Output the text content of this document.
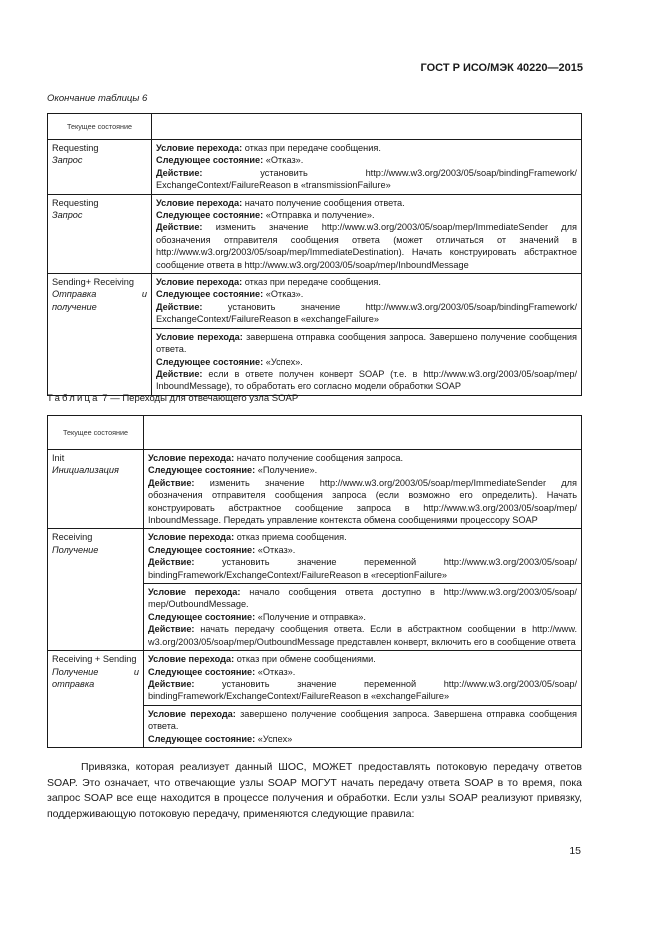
ГОСТ Р ИСО/МЭК 40220—2015
Окончание таблицы 6
Текущее состояние	

Requesting
Запрос	Условие перехода: отказ при передаче сообщения.
Следующее состояние: «Отказ».
Действие: установить http://www.w3.org/2003/05/soap/bindingFramework/ ExchangeContext/FailureReason в «transmissionFailure»

Requesting
Запрос	Условие перехода: начато получение сообщения ответа.
Следующее состояние: «Отправка и получение».
Действие: изменить значение http://www.w3.org/2003/05/soap/mep/ImmediateSender для обозначения отправителя сообщения ответа (может отличаться от значений в http://www.w3.org/2003/05/soap/mep/ImmediateDestination). Начать конструировать абстрактное сообщение ответа в http://www.w3.org/2003/05/soap/mep/InboundMessage

Sending+ Receiving
Отправка и получение	Условие перехода: отказ при передаче сообщения.
Следующее состояние: «Отказ».
Действие: установить значение http://www.w3.org/2003/05/soap/bindingFramework/ ExchangeContext/FailureReason в «exchangeFailure»

	Условие перехода: завершена отправка сообщения запроса. Завершено получение сообщения ответа.
Следующее состояние: «Успех».
Действие: если в ответе получен конверт SOAP (т.е. в http://www.w3.org/2003/05/soap/mep/ InboundMessage), то обработать его согласно модели обработки SOAP
Таблица 7 — Переходы для отвечающего узла SOAP
Текущее состояние	

Init
Инициализация	Условие перехода: начато получение сообщения запроса.
Следующее состояние: «Получение».
Действие: изменить значение http://www.w3.org/2003/05/soap/mep/ImmediateSender для обозначения отправителя сообщения запроса (если возможно его определить). Начать конструировать абстрактное сообщение запроса в http://www.w3.org/2003/05/soap/mep/ InboundMessage. Передать управление контекста обмена сообщениями процессору SOAP

Receiving
Получение	Условие перехода: отказ приема сообщения.
Следующее состояние: «Отказ».
Действие: установить значение переменной http://www.w3.org/2003/05/soap/ bindingFramework/ExchangeContext/FailureReason в «receptionFailure»

	Условие перехода: начало сообщения ответа доступно в http://www.w3.org/2003/05/soap/ mep/OutboundMessage.
Следующее состояние: «Получение и отправка».
Действие: начать передачу сообщения ответа. Если в абстрактном сообщении в http://www. w3.org/2003/05/soap/mep/OutboundMessage представлен конверт, включить его в сообщение ответа

Receiving + Sending
Получение и отправка	Условие перехода: отказ при обмене сообщениями.
Следующее состояние: «Отказ».
Действие: установить значение переменной http://www.w3.org/2003/05/soap/ bindingFramework/ExchangeContext/FailureReason в «exchangeFailure»

	Условие перехода: завершено получение сообщения запроса. Завершена отправка сообщения ответа.
Следующее состояние: «Успех»
Привязка, которая реализует данный ШОС, МОЖЕТ предоставлять потоковую передачу ответов SOAP. Это означает, что отвечающие узлы SOAP МОГУТ начать передачу ответа SOAP в то время, пока запрос SOAP все еще находится в процессе получения и обработки. Если узлы SOAP реализуют привязку, поддерживающую потоковую передачу, применяются следующие правила:
15
